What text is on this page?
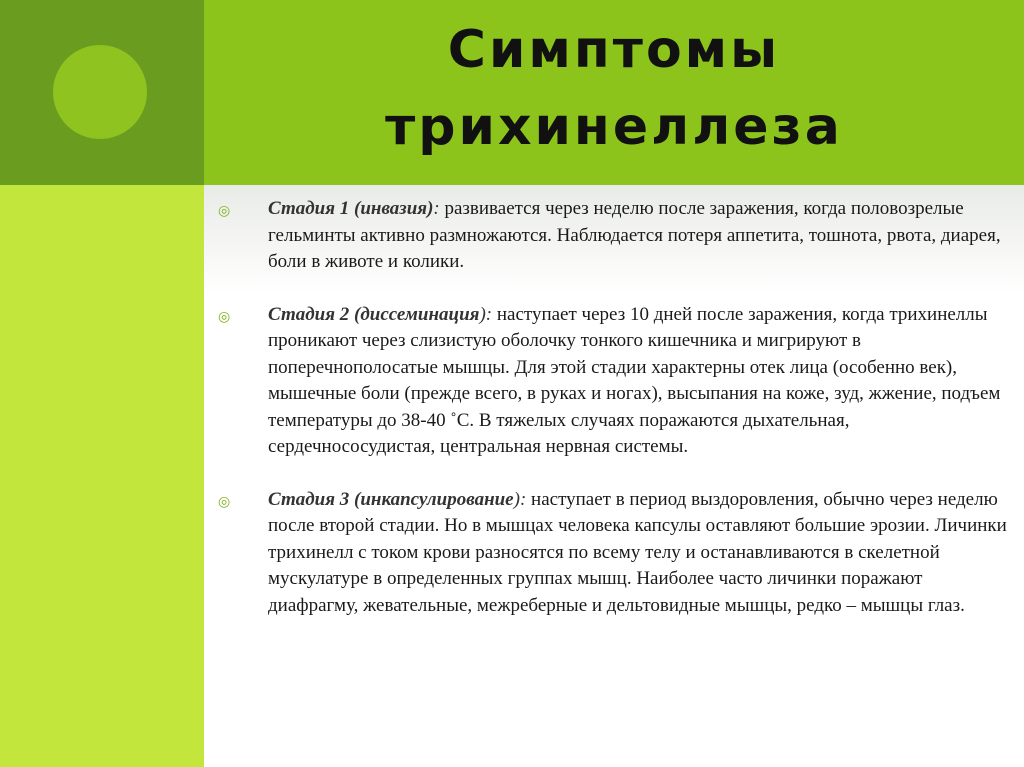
Симптомы
трихинеллеза
◎ Стадия 1 (инвазия): развивается через неделю после заражения, когда половозрелые гельминты активно размножаются. Наблюдается потеря аппетита, тошнота, рвота, диарея, боли в животе и колики.
◎ Стадия 2 (диссеминация): наступает через 10 дней после заражения, когда трихинеллы проникают через слизистую оболочку тонкого кишечника и мигрируют в поперечнополосатые мышцы. Для этой стадии характерны отек лица (особенно век), мышечные боли (прежде всего, в руках и ногах), высыпания на коже, зуд, жжение, подъем температуры до 38-40 ˚С. В тяжелых случаях поражаются дыхательная, сердечнососудистая, центральная нервная системы.
◎ Стадия 3 (инкапсулирование): наступает в период выздоровления, обычно через неделю после второй стадии. Но в мышцах человека капсулы оставляют большие эрозии. Личинки трихинелл с током крови разносятся по всему телу и останавливаются в скелетной мускулатуре в определенных группах мышц. Наиболее часто личинки поражают диафрагму, жевательные, межреберные и дельтовидные мышцы, редко – мышцы глаз.
